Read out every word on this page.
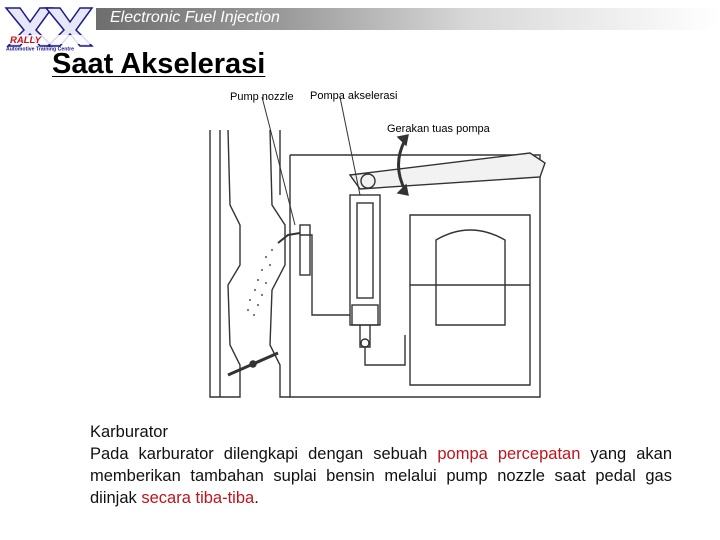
Electronic Fuel Injection
RALLY
Automotive Training Centre
Saat Akselerasi
Pump nozzle Pompa akselerasi
Gerakan tuas pompa
Karburator
Pada karburator dilengkapi dengan sebuah pompa percepatan yang akan memberikan tambahan suplai bensin melalui pump nozzle saat pedal gas diinjak secara tiba-tiba.
